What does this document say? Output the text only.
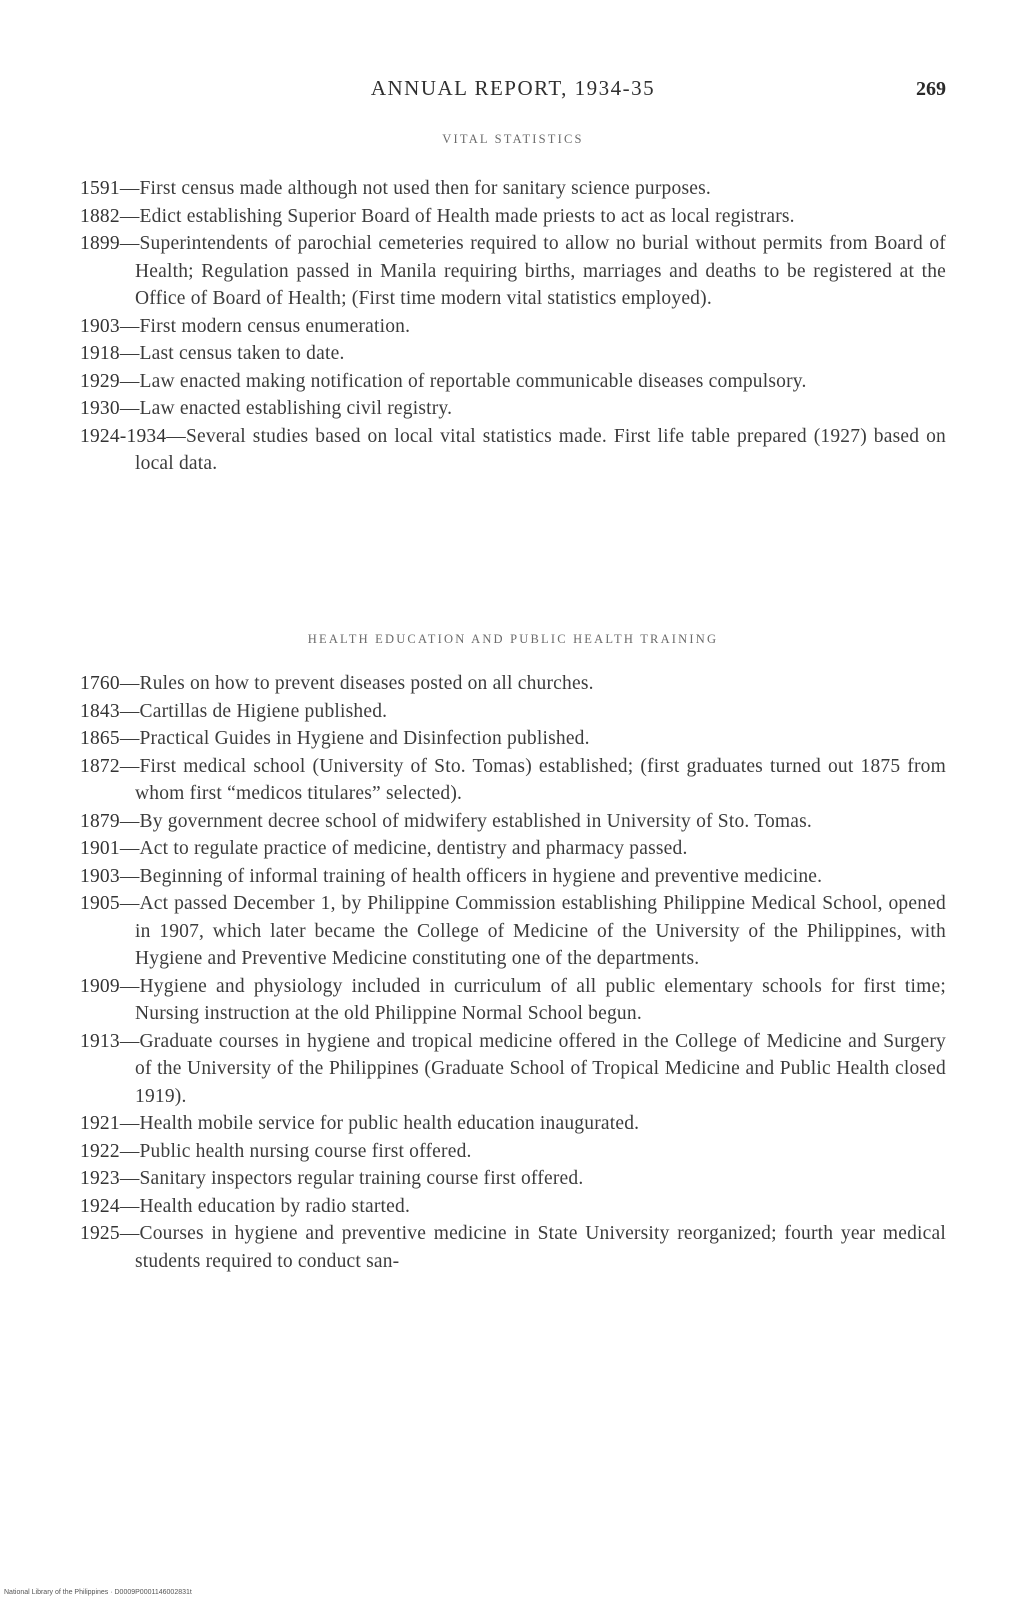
ANNUAL REPORT, 1934-35	269
VITAL STATISTICS
1591—First census made although not used then for sanitary science purposes.
1882—Edict establishing Superior Board of Health made priests to act as local registrars.
1899—Superintendents of parochial cemeteries required to allow no burial without permits from Board of Health; Regulation passed in Manila requiring births, marriages and deaths to be registered at the Office of Board of Health; (First time modern vital statistics employed).
1903—First modern census enumeration.
1918—Last census taken to date.
1929—Law enacted making notification of reportable communicable diseases compulsory.
1930—Law enacted establishing civil registry.
1924-1934—Several studies based on local vital statistics made. First life table prepared (1927) based on local data.
HEALTH EDUCATION AND PUBLIC HEALTH TRAINING
1760—Rules on how to prevent diseases posted on all churches.
1843—Cartillas de Higiene published.
1865—Practical Guides in Hygiene and Disinfection published.
1872—First medical school (University of Sto. Tomas) established; (first graduates turned out 1875 from whom first “medicos titulares” selected).
1879—By government decree school of midwifery established in University of Sto. Tomas.
1901—Act to regulate practice of medicine, dentistry and pharmacy passed.
1903—Beginning of informal training of health officers in hygiene and preventive medicine.
1905—Act passed December 1, by Philippine Commission establishing Philippine Medical School, opened in 1907, which later became the College of Medicine of the University of the Philippines, with Hygiene and Preventive Medicine constituting one of the departments.
1909—Hygiene and physiology included in curriculum of all public elementary schools for first time; Nursing instruction at the old Philippine Normal School begun.
1913—Graduate courses in hygiene and tropical medicine offered in the College of Medicine and Surgery of the University of the Philippines (Graduate School of Tropical Medicine and Public Health closed 1919).
1921—Health mobile service for public health education inaugurated.
1922—Public health nursing course first offered.
1923—Sanitary inspectors regular training course first offered.
1924—Health education by radio started.
1925—Courses in hygiene and preventive medicine in State University reorganized; fourth year medical students required to conduct san-
National Library of the Philippines · D0009P0001146002831t
